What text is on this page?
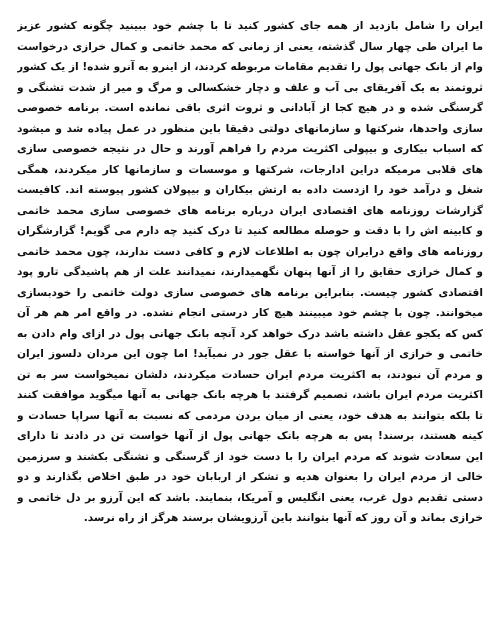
ایران را شامل بازدید از همه جای کشور کنید تا با چشم خود ببینید چگونه کشور عزیز
ما ایران طی چهار سال گذشته، یعنی از زمانی که محمد خاتمی و کمال خرازی درخواست
وام از بانک جهانی پول را تقدیم مقامات مربوطه کردند، از اینرو به آنرو شده! از یک کشور
ثروتمند به یک آفریقای بی آب و علف و دچار خشکسالی و مرگ و میر از شدت تشنگی و
گرسنگی شده و در هیچ کجا از آبادانی و ثروت اثری باقی نمانده است. برنامه خصوصی
سازی واحدها، شرکتها و سازمانهای دولتی دقیقا باین منظور در عمل پیاده شد و میشود
که اسباب بیکاری و بیپولی اکثریت مردم را فراهم آورند و حال در نتیجه خصوصی سازی
های قلابی مرمیکه دراین ادارجات، شرکتها و موسسات و سازمانها کار میکردند، همگی
شغل و درآمد خود را ازدست داده به ارتش بیکاران و بیپولان کشور پیوسته اند. کافیست
گزارشات روزنامه های اقتصادی ایران درباره برنامه های خصوصی سازی محمد خاتمی
و کابینه اش را با دقت و حوصله مطالعه کنید تا درک کنید چه دارم می گویم! گزارشگران
روزنامه های واقع درایران چون به اطلاعات لازم و کافی دست ندارند، چون محمد خاتمی
و کمال خرازی حقایق را از آنها پنهان نگهمیدارند، نمیدانند علت از هم پاشیدگی تارو پود
اقتصادی کشور چیست. بنابراین برنامه های خصوصی سازی دولت خاتمی را خودبسازی
میخوانند. چون با چشم خود میبینند هیچ کار درستی انجام نشده. در واقع امر هم هر آن
کس که یکجو عقل داشته باشد درک خواهد کرد آنچه بانک جهانی پول در ازای وام دادن به
خاتمی و خرازی از آنها خواسته با عقل جور در نمیآید! اما چون این مردان دلسوز ایران
و مردم آن نبودند، به اکثریت مردم ایران حسادت میکردند، دلشان نمیخواست سر به تن
اکثریت مردم ایران باشد، تصمیم گرفتند با هرچه بانک جهانی به آنها میگوید موافقت کنند
تا بلکه بتوانند به هدف خود، یعنی از میان بردن مردمی که نسبت به آنها سراپا حسادت و
کینه هستند، برسند! پس به هرچه بانک جهانی پول از آنها خواست تن در دادند تا دارای
این سعادت شوند که مردم ایران را با دست خود از گرسنگی و تشنگی بکشند و سرزمین
خالی از مردم ایران را بعنوان هدیه و تشکر از اربابان خود در طبق اخلاص بگذارند و دو
دستی تقدیم دول غرب، یعنی انگلیس و آمریکا، بنمایند. باشد که این آرزو بر دل خاتمی و
خرازی بماند و آن روز که آنها بتوانند باین آرزویشان برسند هرگز از راه نرسد.
